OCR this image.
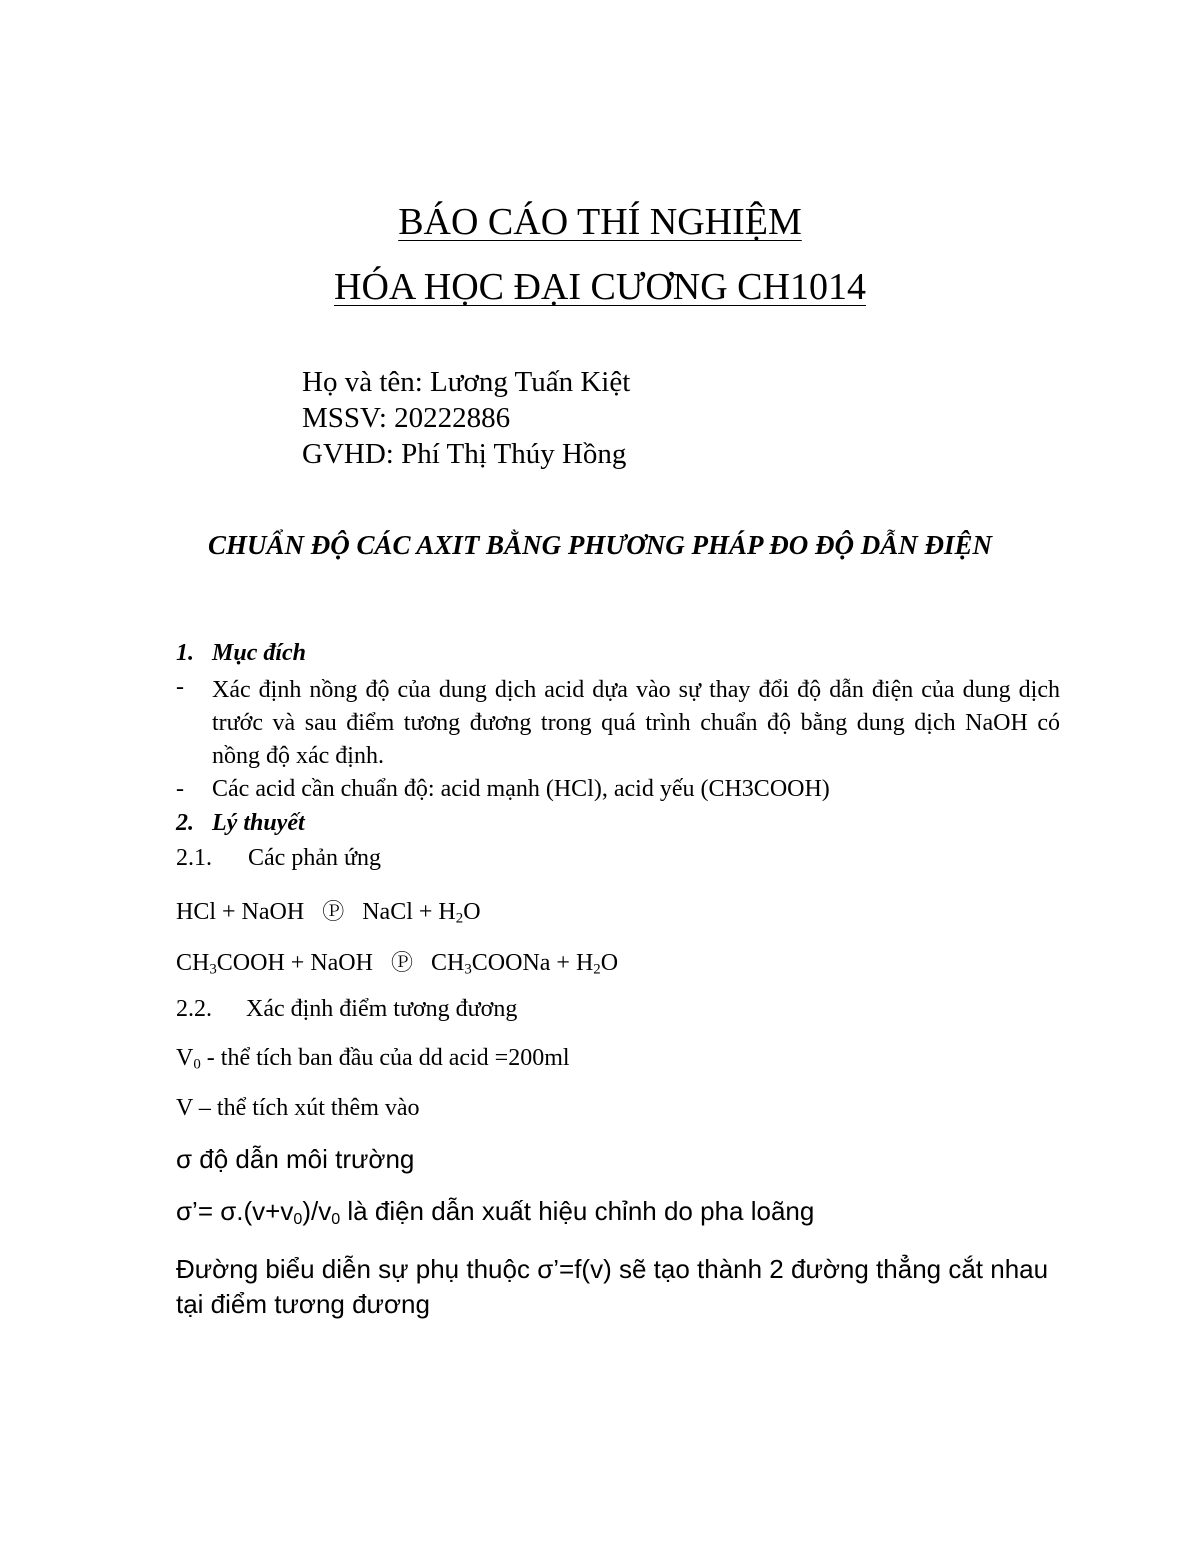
BÁO CÁO THÍ NGHIỆM
HÓA HỌC ĐẠI CƯƠNG CH1014
Họ và tên: Lương Tuấn Kiệt
MSSV: 20222886
GVHD: Phí Thị Thúy Hồng
CHUẨN ĐỘ CÁC AXIT BẰNG PHƯƠNG PHÁP ĐO ĐỘ DẪN ĐIỆN
1. Mục đích
- Xác định nồng độ của dung dịch acid dựa vào sự thay đổi độ dẫn điện của dung dịch trước và sau điểm tương đương trong quá trình chuẩn độ bằng dung dịch NaOH có nồng độ xác định.
- Các acid cần chuẩn độ: acid mạnh (HCl), acid yếu (CH3COOH)
2. Lý thuyết
2.1. Các phản ứng
HCl + NaOH Ⓟ NaCl + $H_2O$
$CH_3COOH$ + NaOH Ⓟ $CH_3COONa + H_2O$
2.2. Xác định điểm tương đương
$V_0$ - thể tích ban đầu của dd acid =200ml
V – thể tích xút thêm vào
σ độ dẫn môi trường
σ’= $\sigma.(v+v_0)/v_0$ là điện dẫn xuất hiệu chỉnh do pha loãng
Đường biểu diễn sự phụ thuộc σ’=f(v) sẽ tạo thành 2 đường thẳng cắt nhau tại điểm tương đương
